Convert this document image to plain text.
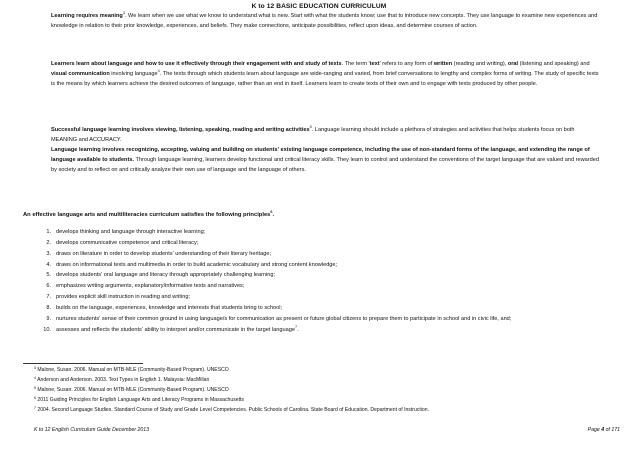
K to 12 BASIC EDUCATION CURRICULUM
Learning requires meaning$^3$. We learn when we use what we know to understand what is new. Start with what the students know; use that to introduce new concepts. They use language to examine new experiences and knowledge in relation to their prior knowledge, experiences, and beliefs. They make connections, anticipate possibilities, reflect upon ideas, and determine courses of action.
Learners learn about language and how to use it effectively through their engagement with and study of texts. The term 'text' refers to any form of written (reading and writing), oral (listening and speaking) and visual communication involving language$^4$. The texts through which students learn about language are wide-ranging and varied, from brief conversations to lengthy and complex forms of writing. The study of specific texts is the means by which learners achieve the desired outcomes of language, rather than an end in itself. Learners learn to create texts of their own and to engage with texts produced by other people.
Successful language learning involves viewing, listening, speaking, reading and writing activities$^5$. Language learning should include a plethora of strategies and activities that helps students focus on both MEANING and ACCURACY.
Language learning involves recognizing, accepting, valuing and building on students' existing language competence, including the use of non-standard forms of the language, and extending the range of language available to students. Through language learning, learners develop functional and critical literacy skills. They learn to control and understand the conventions of the target language that are valued and rewarded by society and to reflect on and critically analyze their own use of language and the language of others.
An effective language arts and multiliteracies curriculum satisfies the following principles$^6$.
1. develops thinking and language through interactive learning;
2. develops communicative competence and critical literacy;
3. draws on literature in order to develop students' understanding of their literary heritage;
4. draws on informational texts and multimedia in order to build academic vocabulary and strong content knowledge;
5. develops students' oral language and literacy through appropriately challenging learning;
6. emphasizes writing arguments, explanatory/informative texts and narratives;
7. provides explicit skill instruction in reading and writing;
8. builds on the language, experiences, knowledge and interests that students bring to school;
9. nurtures students' sense of their common ground in using language/s for communication as present or future global citizens to prepare them to participate in school and in civic life, and;
10. assesses and reflects the students' ability to interpret and/or communicate in the target language$^7$.
$^3$ Malone, Susan. 2006. Manual on MTB-MLE (Community-Based Program). UNESCO
$^4$ Anderson and Anderson. 2003. Text Types in English 1. Malaysia: MacMillan
$^5$ Malone, Susan. 2006. Manual on MTB-MLE (Community-Based Program). UNESCO
$^6$ 2011 Guiding Principles for English Language Arts and Literacy Programs in Massachusetts
$^7$ 2004. Second Language Studies. Standard Course of Study and Grade Level Competencies. Public Schools of Carolina. State Board of Education. Department of Instruction.
K to 12 English Curriculum Guide December 2013	Page 4 of 171
